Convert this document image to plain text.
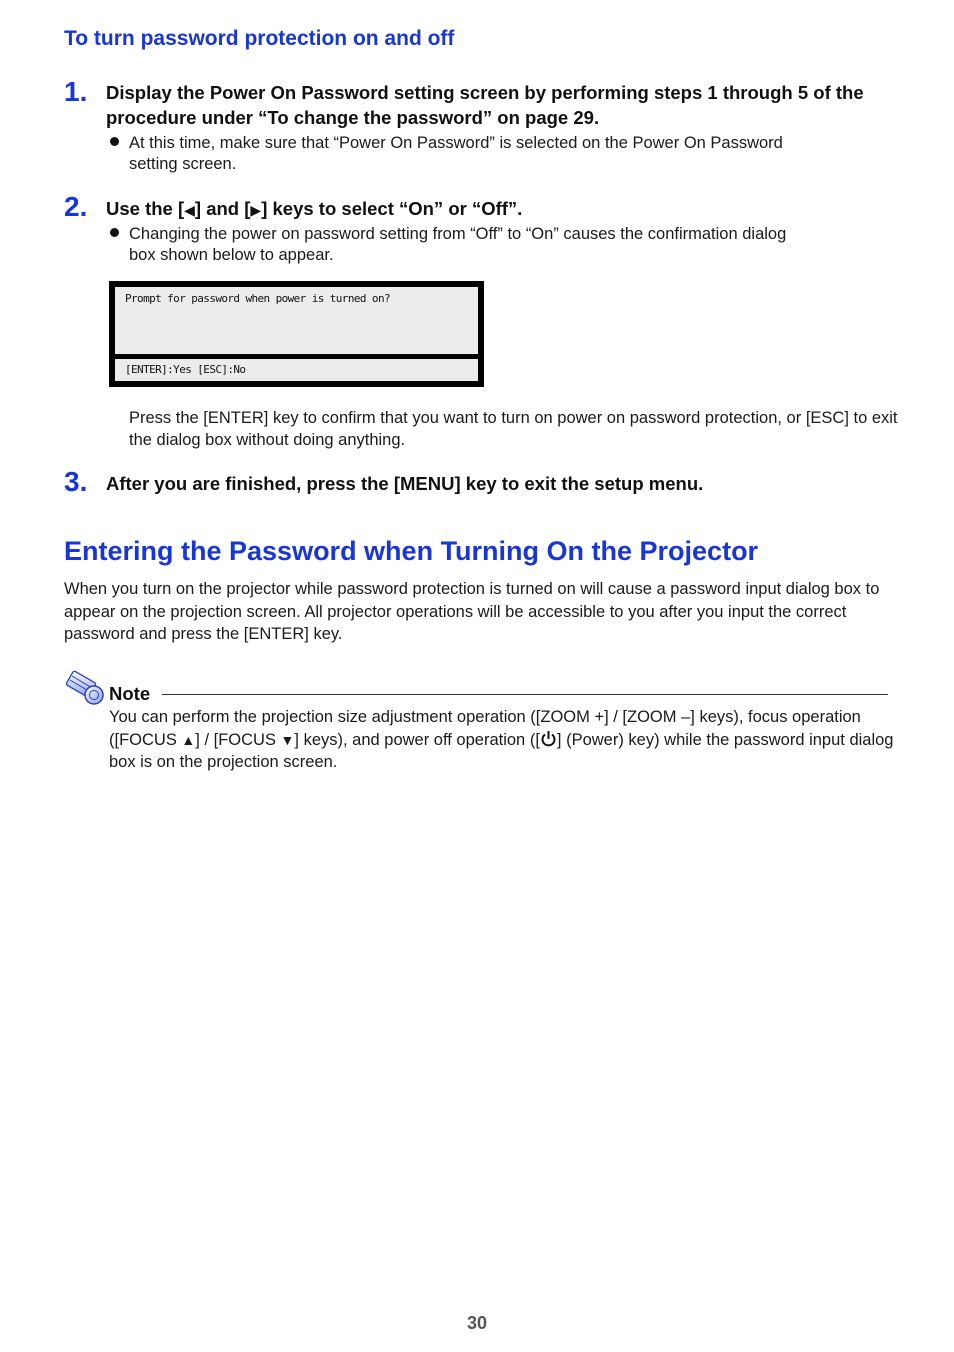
To turn password protection on and off
1. Display the Power On Password setting screen by performing steps 1 through 5 of the procedure under “To change the password” on page 29.
At this time, make sure that “Power On Password” is selected on the Power On Password
setting screen.
2. Use the [◀] and [▶] keys to select “On” or “Off”.
Changing the power on password setting from “Off” to “On” causes the confirmation dialog
box shown below to appear.
Prompt for password when power is turned on?
[ENTER]:Yes [ESC]:No
Press the [ENTER] key to confirm that you want to turn on power on password protection, or [ESC] to exit the dialog box without doing anything.
3. After you are finished, press the [MENU] key to exit the setup menu.
Entering the Password when Turning On the Projector
When you turn on the projector while password protection is turned on will cause a password input dialog box to appear on the projection screen. All projector operations will be accessible to you after you input the correct password and press the [ENTER] key.
Note
You can perform the projection size adjustment operation ([ZOOM +] / [ZOOM –] keys), focus operation ([FOCUS ▲] / [FOCUS ▼] keys), and power off operation ([ ] (Power) key) while the password input dialog box is on the projection screen.
30
